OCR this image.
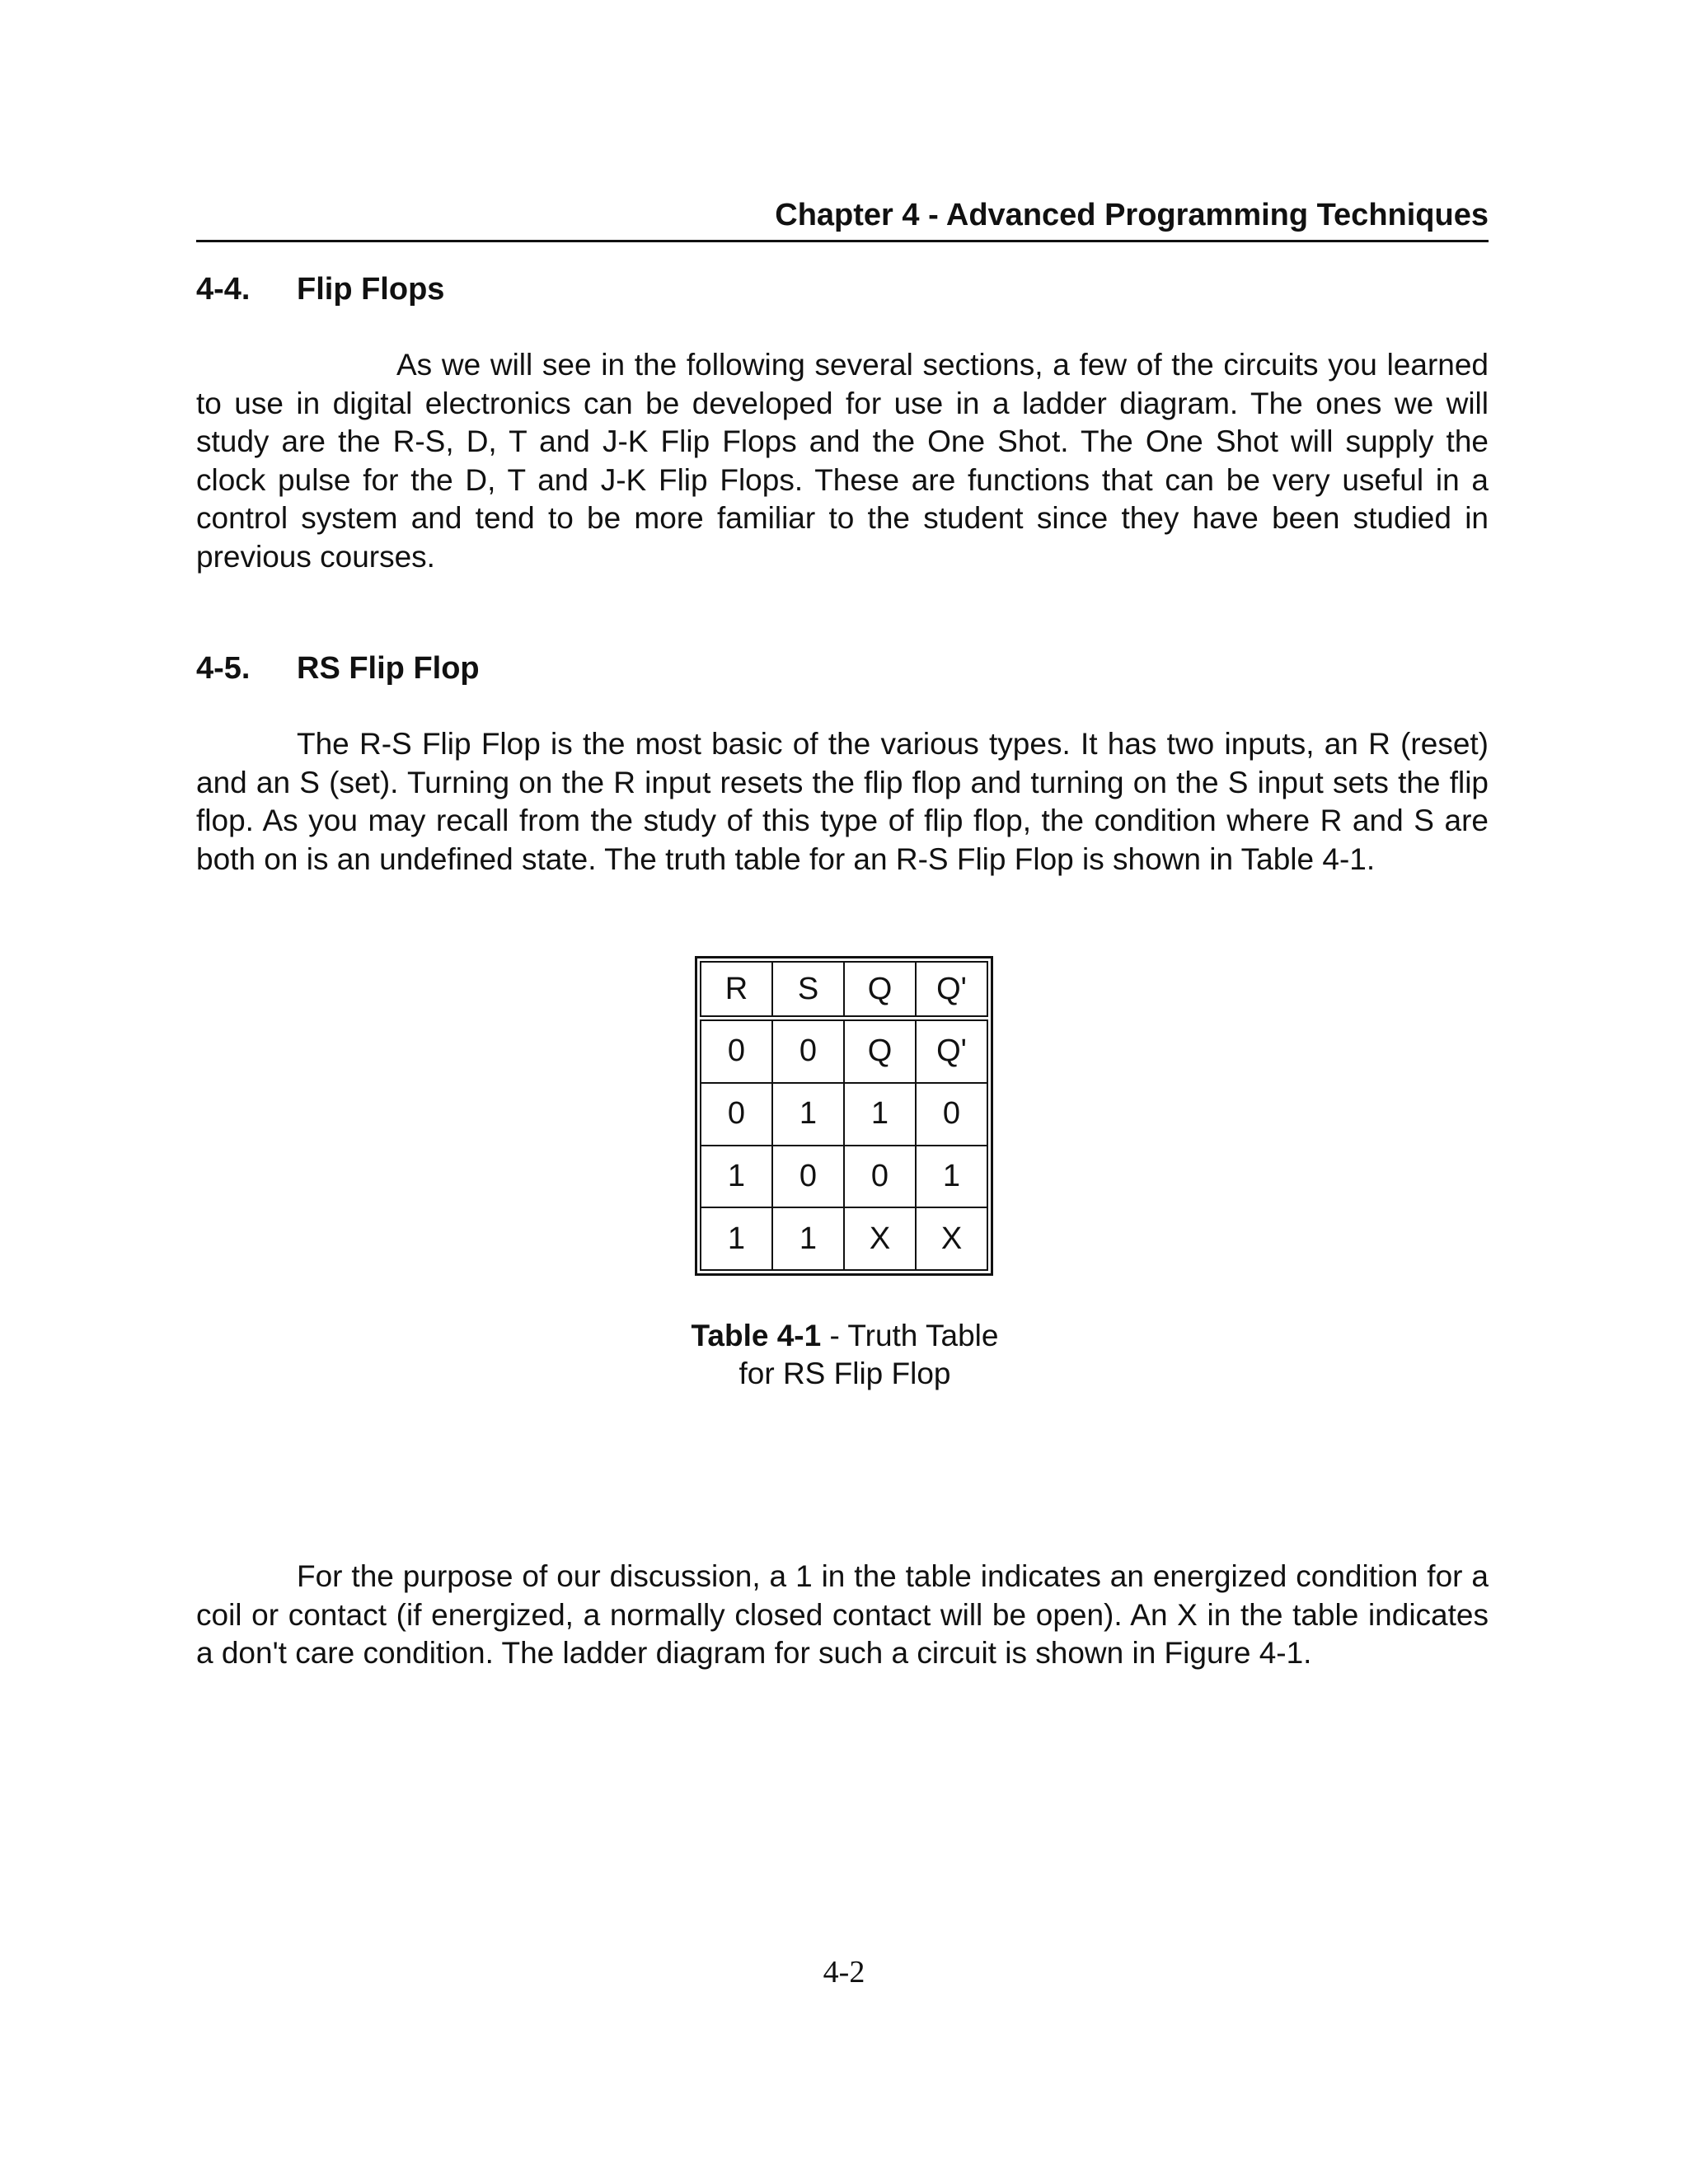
Chapter 4 - Advanced Programming Techniques
4-4. Flip Flops
As we will see in the following several sections, a few of the circuits you learned to use in digital electronics can be developed for use in a ladder diagram. The ones we will study are the R-S, D, T and J-K Flip Flops and the One Shot. The One Shot will supply the clock pulse for the D, T and J-K Flip Flops. These are functions that can be very useful in a control system and tend to be more familiar to the student since they have been studied in previous courses.
4-5. RS Flip Flop
The R-S Flip Flop is the most basic of the various types. It has two inputs, an R (reset) and an S (set). Turning on the R input resets the flip flop and turning on the S input sets the flip flop. As you may recall from the study of this type of flip flop, the condition where R and S are both on is an undefined state. The truth table for an R-S Flip Flop is shown in Table 4-1.
R	S	Q	Q'
0	0	Q	Q'
0	1	1	0
1	0	0	1
1	1	X	X
Table 4-1 - Truth Table for RS Flip Flop
For the purpose of our discussion, a 1 in the table indicates an energized condition for a coil or contact (if energized, a normally closed contact will be open). An X in the table indicates a don't care condition. The ladder diagram for such a circuit is shown in Figure 4-1.
4-2
